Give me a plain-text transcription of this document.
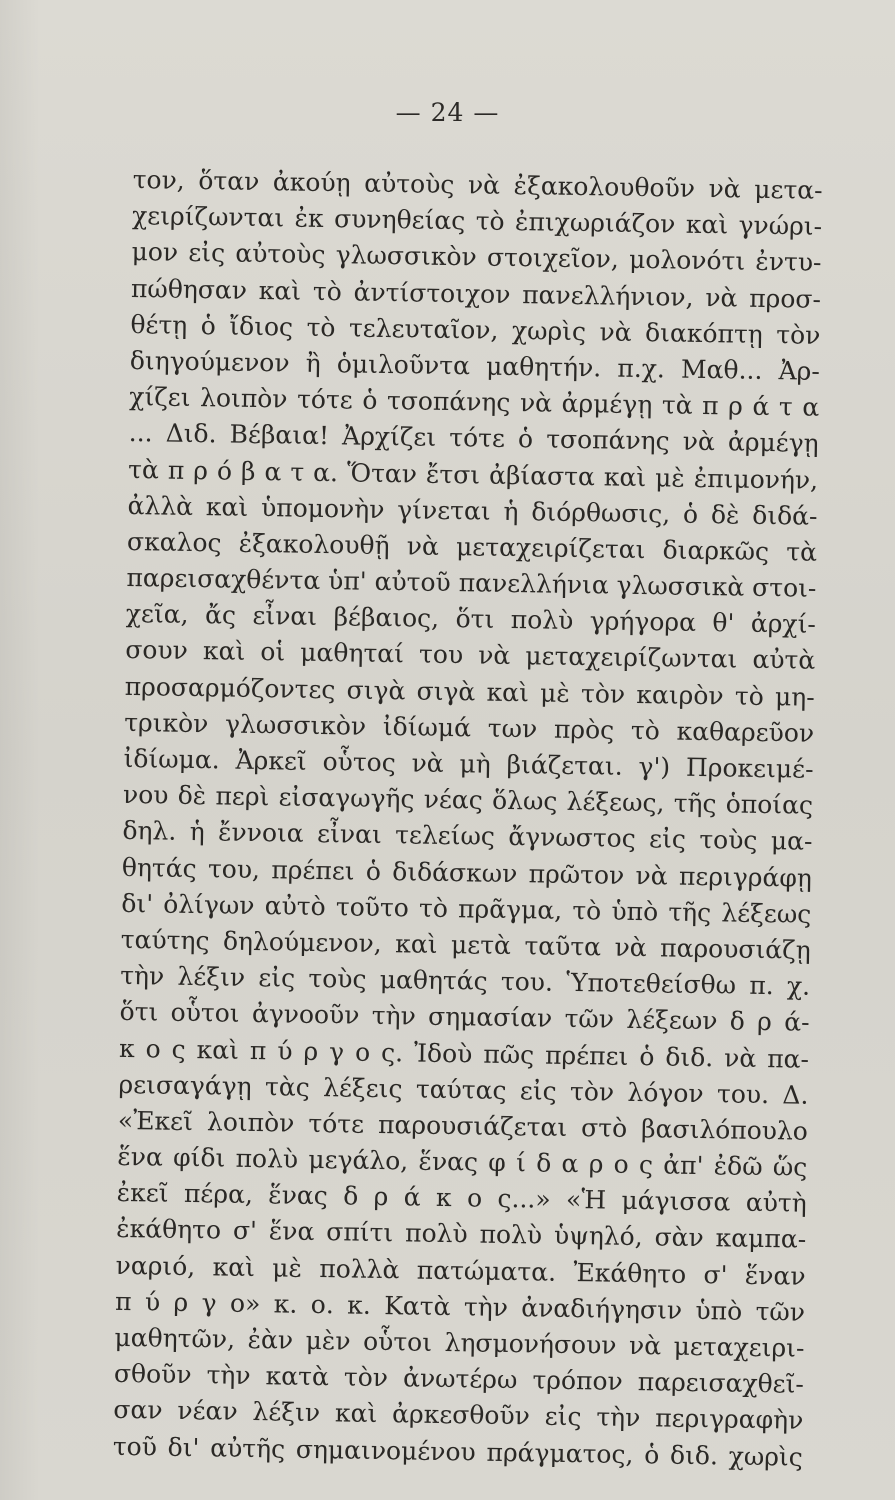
— 24 —
τον, ὅταν ἀκούῃ αὐτοὺς νὰ ἐξακολουθοῦν νὰ μετα-
χειρίζωνται ἐκ συνηθείας τὸ ἐπιχωριάζον καὶ γνώρι-
μον εἰς αὐτοὺς γλωσσικὸν στοιχεῖον, μολονότι ἐντυ-
πώθησαν καὶ τὸ ἀντίστοιχον πανελλήνιον, νὰ προσ-
θέτῃ ὁ ἴδιος τὸ τελευταῖον, χωρὶς νὰ διακόπτῃ τὸν
διηγούμενον ἢ ὁμιλοῦντα μαθητήν. π.χ. Μαθ... Ἀρ-
χίζει λοιπὸν τότε ὁ τσοπάνης νὰ ἀρμέγῃ τὰ π ρ ά τ α
... Διδ. Βέβαια! Ἀρχίζει τότε ὁ τσοπάνης νὰ ἀρμέγῃ
τὰ π ρ ό β α τ α. Ὅταν ἔτσι ἀβίαστα καὶ μὲ ἐπιμονήν,
ἀλλὰ καὶ ὑπομονὴν γίνεται ἡ διόρθωσις, ὁ δὲ διδά-
σκαλος ἐξακολουθῇ νὰ μεταχειρίζεται διαρκῶς τὰ
παρεισαχθέντα ὑπ' αὐτοῦ πανελλήνια γλωσσικὰ στοι-
χεῖα, ἄς εἶναι βέβαιος, ὅτι πολὺ γρήγορα θ' ἀρχί-
σουν καὶ οἱ μαθηταί του νὰ μεταχειρίζωνται αὐτὰ
προσαρμόζοντες σιγὰ σιγὰ καὶ μὲ τὸν καιρὸν τὸ μη-
τρικὸν γλωσσικὸν ἰδίωμά των πρὸς τὸ καθαρεῦον
ἰδίωμα. Ἀρκεῖ οὗτος νὰ μὴ βιάζεται. γ') Προκειμέ-
νου δὲ περὶ εἰσαγωγῆς νέας ὅλως λέξεως, τῆς ὁποίας
δηλ. ἡ ἔννοια εἶναι τελείως ἄγνωστος εἰς τοὺς μα-
θητάς του, πρέπει ὁ διδάσκων πρῶτον νὰ περιγράφῃ
δι' ὀλίγων αὐτὸ τοῦτο τὸ πρᾶγμα, τὸ ὑπὸ τῆς λέξεως
ταύτης δηλούμενον, καὶ μετὰ ταῦτα νὰ παρουσιάζῃ
τὴν λέξιν εἰς τοὺς μαθητάς του. Ὑποτεθείσθω π. χ.
ὅτι οὗτοι ἀγνοοῦν τὴν σημασίαν τῶν λέξεων δ ρ ά-
κ ο ς καὶ π ύ ρ γ ο ς. Ἰδοὺ πῶς πρέπει ὁ διδ. νὰ πα-
ρεισαγάγῃ τὰς λέξεις ταύτας εἰς τὸν λόγον του. Δ.
«Ἐκεῖ λοιπὸν τότε παρουσιάζεται στὸ βασιλόπουλο
ἕνα φίδι πολὺ μεγάλο, ἕνας φ ί δ α ρ ο ς ἀπ' ἐδῶ ὥς
ἐκεῖ πέρα, ἕνας δ ρ ά κ ο ς...» «Ἡ μάγισσα αὐτὴ
ἐκάθητο σ' ἕνα σπίτι πολὺ πολὺ ὑψηλό, σὰν καμπα-
ναριό, καὶ μὲ πολλὰ πατώματα. Ἐκάθητο σ' ἕναν
π ύ ρ γ ο» κ. ο. κ. Κατὰ τὴν ἀναδιήγησιν ὑπὸ τῶν
μαθητῶν, ἐὰν μὲν οὗτοι λησμονήσουν νὰ μεταχειρι-
σθοῦν τὴν κατὰ τὸν ἀνωτέρω τρόπον παρεισαχθεῖ-
σαν νέαν λέξιν καὶ ἀρκεσθοῦν εἰς τὴν περιγραφὴν
τοῦ δι' αὐτῆς σημαινομένου πράγματος, ὁ διδ. χωρὶς
